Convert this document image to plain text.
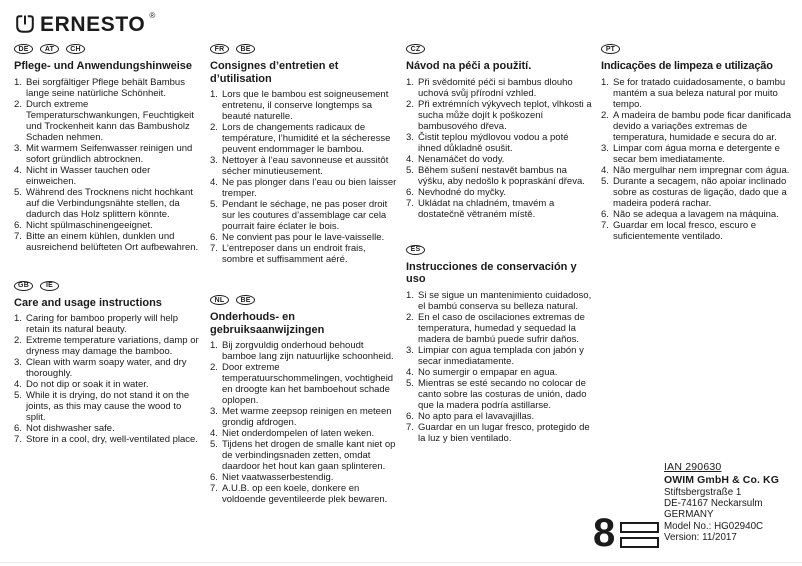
ERNESTO ®
DE	AT	CH
Pflege- und Anwendungshinweise
Bei sorgfältiger Pflege behält Bambus lange seine natürliche Schönheit.
Durch extreme Temperaturschwankungen, Feuchtigkeit und Trockenheit kann das Bambusholz Schaden nehmen.
Mit warmem Seifenwasser reinigen und sofort gründlich abtrocknen.
Nicht in Wasser tauchen oder einweichen.
Während des Trocknens nicht hochkant auf die Verbindungsnähte stellen, da dadurch das Holz splittern könnte.
Nicht spülmaschinengeeignet.
Bitte an einem kühlen, dunklen und ausreichend belüfteten Ort aufbewahren.
GB	IE
Care and usage instructions
Caring for bamboo properly will help retain its natural beauty.
Extreme temperature variations, damp or dryness may damage the bamboo.
Clean with warm soapy water, and dry thoroughly.
Do not dip or soak it in water.
While it is drying, do not stand it on the joints, as this may cause the wood to split.
Not dishwasher safe.
Store in a cool, dry, well-ventilated place.
FR	BE
Consignes d’entretien et d’utilisation
Lors que le bambou est soigneusement entretenu, il conserve longtemps sa beauté naturelle.
Lors de changements radicaux de température, l’humidité et la sécheresse peuvent endommager le bambou.
Nettoyer à l’eau savonneuse et aussitôt sécher minutieusement.
Ne pas plonger dans l’eau ou bien laisser tremper.
Pendant le séchage, ne pas poser droit sur les coutures d’assemblage car cela pourrait faire éclater le bois.
Ne convient pas pour le lave-vaisselle.
L’entreposer dans un endroit frais, sombre et suffisamment aéré.
NL	BE
Onderhouds- en gebruiksaanwijzingen
Bij zorgvuldig onderhoud behoudt bamboe lang zijn natuurlijke schoonheid.
Door extreme temperatuurschommelingen, vochtigheid en droogte kan het bamboehout schade oplopen.
Met warme zeepsop reinigen en meteen grondig afdrogen.
Niet onderdompelen of laten weken.
Tijdens het drogen de smalle kant niet op de verbindingsnaden zetten, omdat daardoor het hout kan gaan splinteren.
Niet vaatwasserbestendig.
A.U.B. op een koele, donkere en voldoende geventileerde plek bewaren.
CZ
Návod na péči a použití.
Při svědomité péči si bambus dlouho uchová svůj přírodní vzhled.
Při extrémních výkyvech teplot, vlhkosti a sucha může dojít k poškození bambusového dřeva.
Čistit teplou mýdlovou vodou a poté ihned důkladně osušit.
Nenamáčet do vody.
Během sušení nestavět bambus na výšku, aby nedošlo k popraskání dřeva.
Nevhodné do myčky.
Ukládat na chladném, tmavém a dostatečně větraném místě.
ES
Instrucciones de conservación y uso
Si se sigue un mantenimiento cuidadoso, el bambú conserva su belleza natural.
En el caso de oscilaciones extremas de temperatura, humedad y sequedad la madera de bambú puede sufrir daños.
Limpiar con agua templada con jabón y secar inmediatamente.
No sumergir o empapar en agua.
Mientras se esté secando no colocar de canto sobre las costuras de unión, dado que la madera podría astillarse.
No apto para el lavavajillas.
Guardar en un lugar fresco, protegido de la luz y bien ventilado.
PT
Indicações de limpeza e utilização
Se for tratado cuidadosamente, o bambu mantém a sua beleza natural por muito tempo.
A madeira de bambu pode ficar danificada devido a variações extremas de temperatura, humidade e secura do ar.
Limpar com água morna e detergente e secar bem imediatamente.
Não mergulhar nem impregnar com água.
Durante a secagem, não apoiar inclinado sobre as costuras de ligação, dado que a madeira poderá rachar.
Não se adequa a lavagem na máquina.
Guardar em local fresco, escuro e suficientemente ventilado.
IAN 290630
OWIM GmbH & Co. KG
Stiftsbergstraße 1
DE-74167 Neckarsulm
GERMANY
Model No.: HG02940C
Version: 11/2017
8
